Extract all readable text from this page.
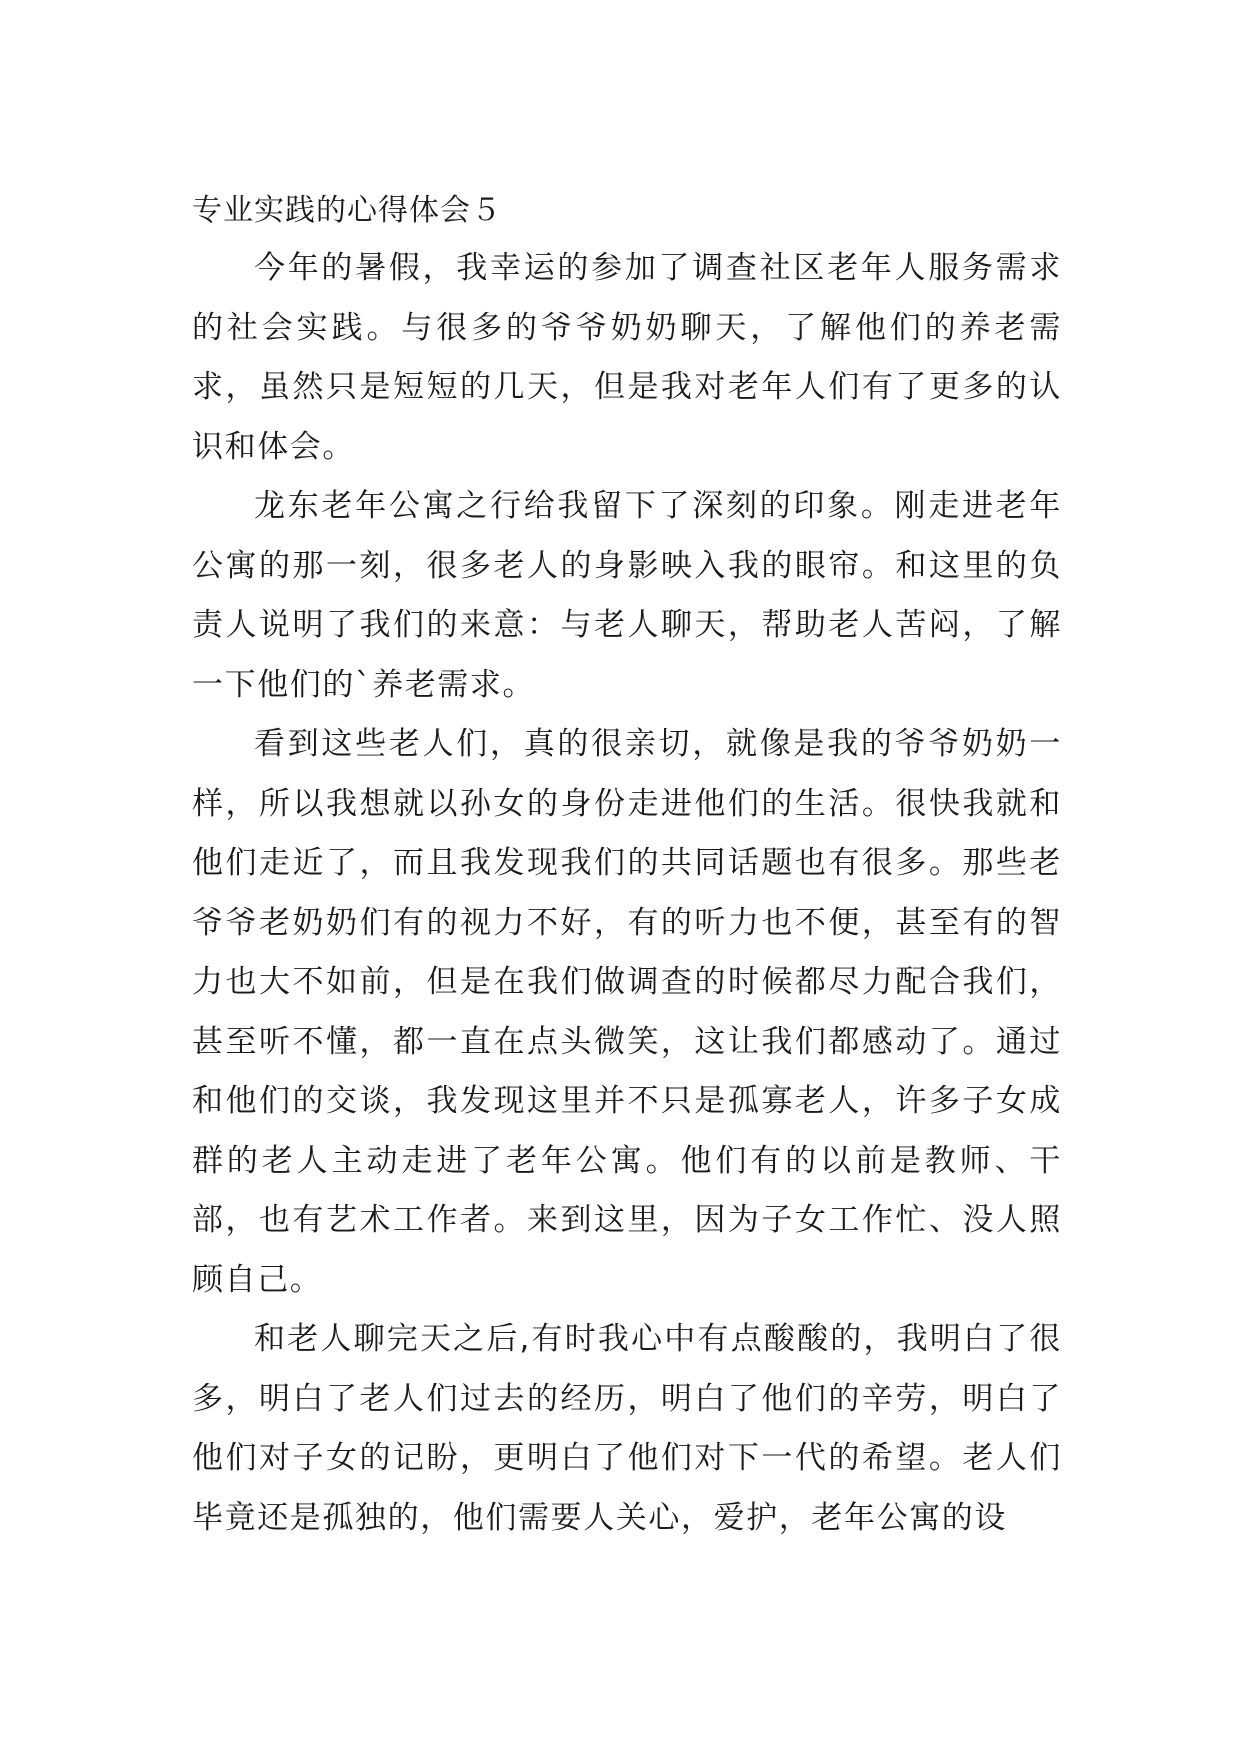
专业实践的心得体会５

今年的暑假，我幸运的参加了调查社区老年人服务需求的社会实践。与很多的爷爷奶奶聊天，了解他们的养老需求，虽然只是短短的几天，但是我对老年人们有了更多的认识和体会。

龙东老年公寓之行给我留下了深刻的印象。刚走进老年公寓的那一刻，很多老人的身影映入我的眼帘。和这里的负责人说明了我们的来意：与老人聊天，帮助老人苦闷，了解一下他们的`养老需求。

看到这些老人们，真的很亲切，就像是我的爷爷奶奶一样，所以我想就以孙女的身份走进他们的生活。很快我就和他们走近了，而且我发现我们的共同话题也有很多。那些老爷爷老奶奶们有的视力不好，有的听力也不便，甚至有的智力也大不如前，但是在我们做调查的时候都尽力配合我们，甚至听不懂，都一直在点头微笑，这让我们都感动了。通过和他们的交谈，我发现这里并不只是孤寡老人，许多子女成群的老人主动走进了老年公寓。他们有的以前是教师、干部，也有艺术工作者。来到这里，因为子女工作忙、没人照顾自己。

和老人聊完天之后,有时我心中有点酸酸的，我明白了很多，明白了老人们过去的经历，明白了他们的辛劳，明白了他们对子女的记盼，更明白了他们对下一代的希望。老人们毕竟还是孤独的，他们需要人关心，爱护，老年公寓的设
